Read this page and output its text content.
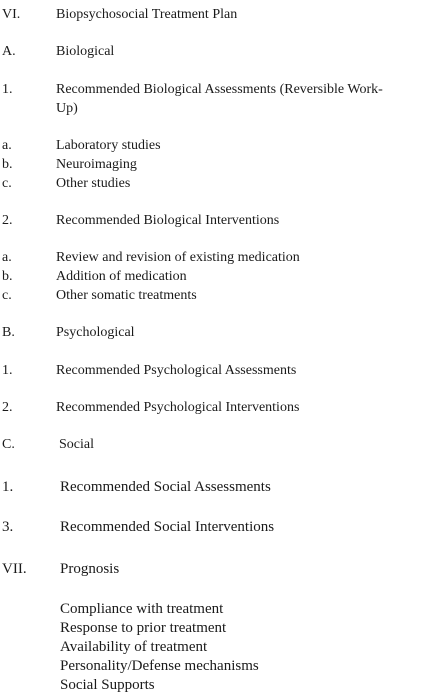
VI.	Biopsychosocial Treatment Plan
A.	Biological
1.	Recommended Biological Assessments (Reversible Work-Up)
a.	Laboratory studies
b.	Neuroimaging
c.	Other studies
2.	Recommended Biological Interventions
a.	Review and revision of existing medication
b.	Addition of medication
c.	Other somatic treatments
B.	Psychological
1.	Recommended Psychological Assessments
2.	Recommended Psychological Interventions
C.	Social
1.	Recommended Social Assessments
3.	Recommended Social Interventions
VII. Prognosis
Compliance with treatment
Response to prior treatment
Availability of treatment
Personality/Defense mechanisms
Social Supports
